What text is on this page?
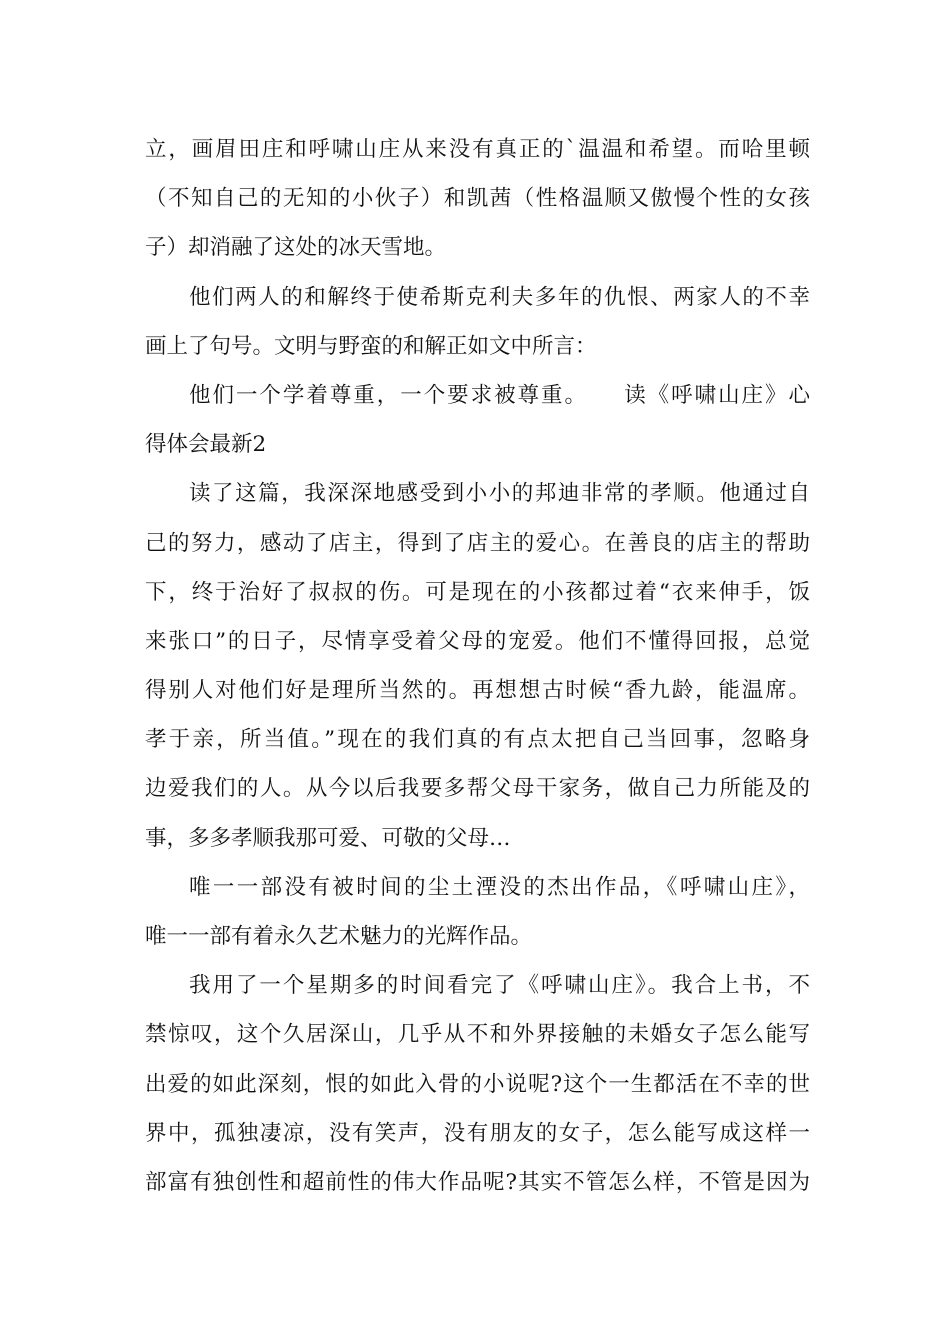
立，画眉田庄和呼啸山庄从来没有真正的`温温和希望。而哈里顿
（不知自己的无知的小伙子）和凯茜（性格温顺又傲慢个性的女孩
子）却消融了这处的冰天雪地。
他们两人的和解终于使希斯克利夫多年的仇恨、两家人的不幸
画上了句号。文明与野蛮的和解正如文中所言：
他们一个学着尊重，一个要求被尊重。　　读《呼啸山庄》心
得体会最新2
读了这篇，我深深地感受到小小的邦迪非常的孝顺。他通过自
己的努力，感动了店主，得到了店主的爱心。在善良的店主的帮助
下，终于治好了叔叔的伤。可是现在的小孩都过着“衣来伸手，饭
来张口”的日子，尽情享受着父母的宠爱。他们不懂得回报，总觉
得别人对他们好是理所当然的。再想想古时候“香九龄，能温席。
孝于亲，所当值。”现在的我们真的有点太把自己当回事，忽略身
边爱我们的人。从今以后我要多帮父母干家务，做自己力所能及的
事，多多孝顺我那可爱、可敬的父母…
唯一一部没有被时间的尘土湮没的杰出作品，《呼啸山庄》，
唯一一部有着永久艺术魅力的光辉作品。
我用了一个星期多的时间看完了《呼啸山庄》。我合上书，不
禁惊叹，这个久居深山，几乎从不和外界接触的未婚女子怎么能写
出爱的如此深刻，恨的如此入骨的小说呢?这个一生都活在不幸的世
界中，孤独凄凉，没有笑声，没有朋友的女子，怎么能写成这样一
部富有独创性和超前性的伟大作品呢?其实不管怎么样，不管是因为
